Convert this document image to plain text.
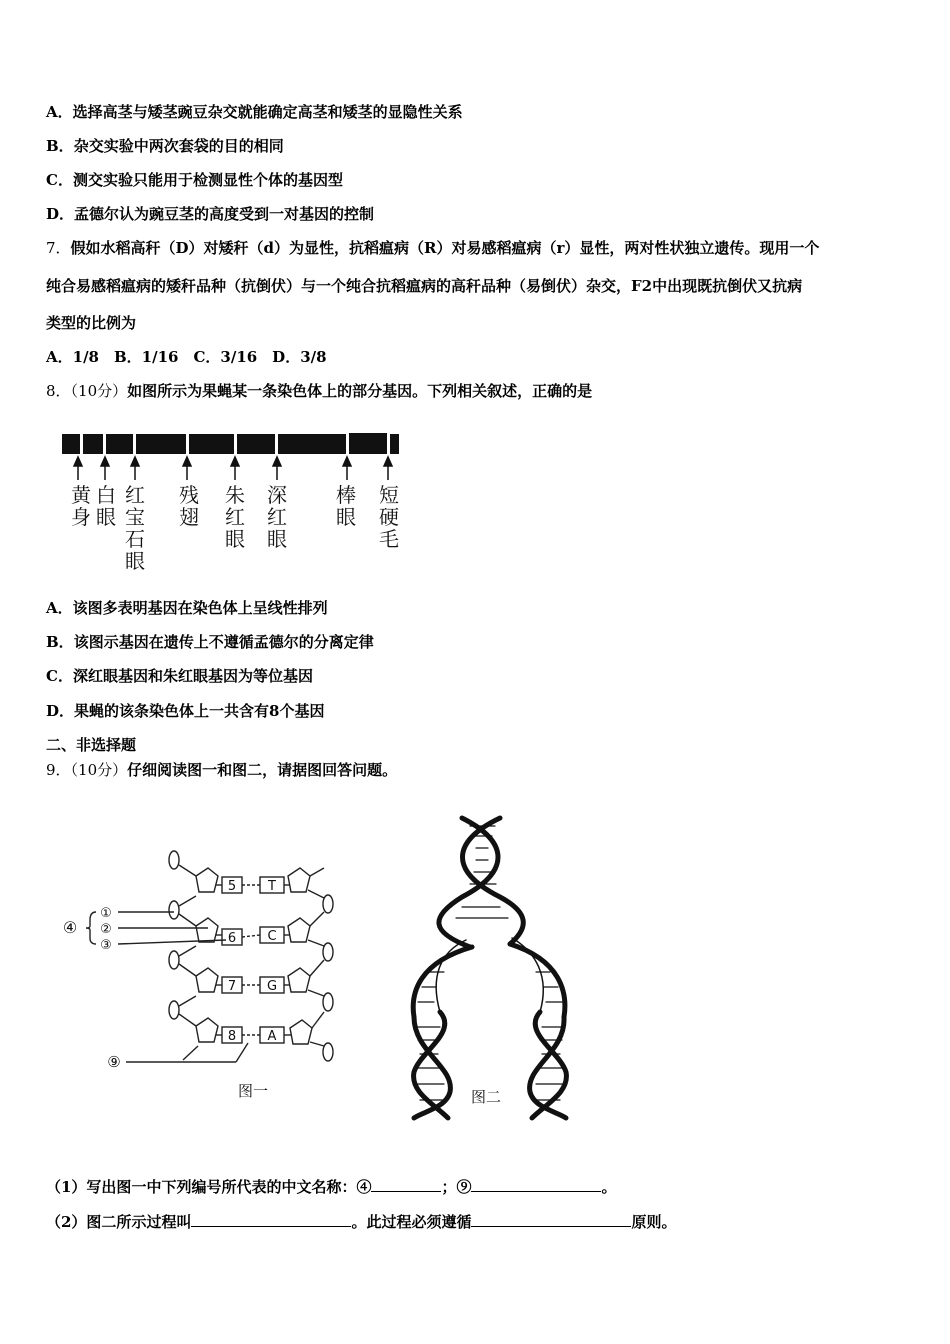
A．选择高茎与矮茎豌豆杂交就能确定高茎和矮茎的显隐性关系
B．杂交实验中两次套袋的目的相同
C．测交实验只能用于检测显性个体的基因型
D．孟德尔认为豌豆茎的高度受到一对基因的控制
7．假如水稻高秆（D）对矮秆（d）为显性，抗稻瘟病（R）对易感稻瘟病（r）显性，两对性状独立遗传。现用一个
纯合易感稻瘟病的矮秆品种（抗倒伏）与一个纯合抗稻瘟病的高秆品种（易倒伏）杂交，F2中出现既抗倒伏又抗病
类型的比例为
A．1/8　B．1/16　C．3/16　D．3/8
8．（10分）如图所示为果蝇某一条染色体上的部分基因。下列相关叙述，正确的是
黄
身
白
眼
红
宝
石
眼
残
翅
朱
红
眼
深
红
眼
棒
眼
短
硬
毛
A．该图多表明基因在染色体上呈线性排列
B．该图示基因在遗传上不遵循孟德尔的分离定律
C．深红眼基因和朱红眼基因为等位基因
D．果蝇的该条染色体上一共含有8个基因
二、非选择题
9．（10分）仔细阅读图一和图二，请据图回答问题。
④
①
②
③
⑨
5
6
7
8
T
C
G
A
图一	图二
（1）写出图一中下列编号所代表的中文名称：④	；⑨	。
（2）图二所示过程叫	。此过程必须遵循	原则。
